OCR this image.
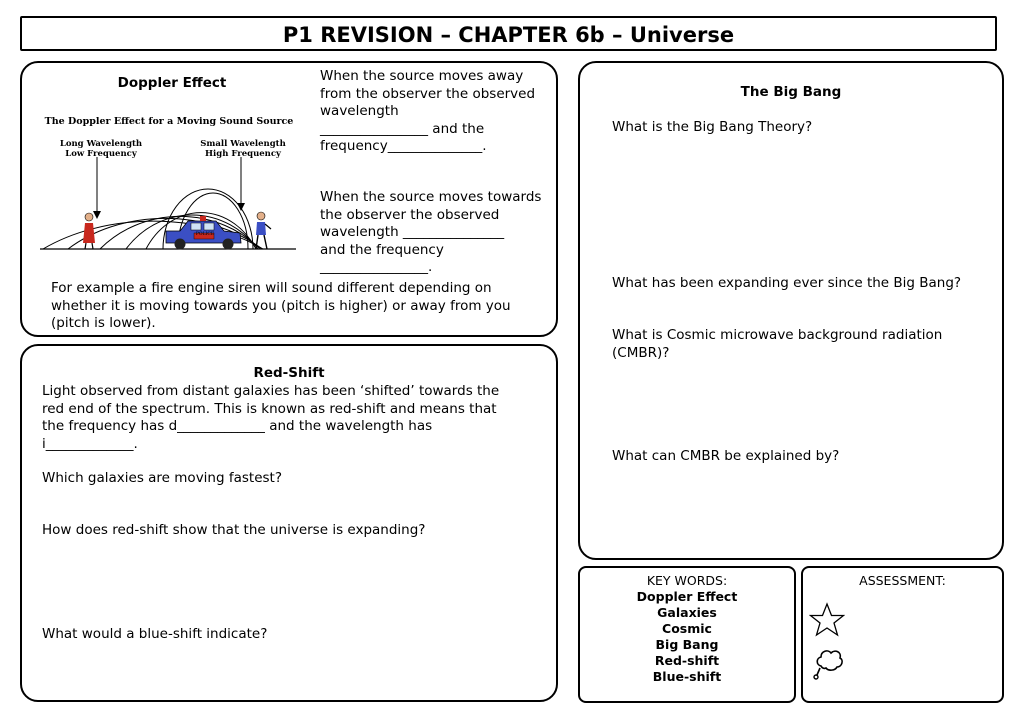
P1 REVISION – CHAPTER 6b – Universe
Doppler Effect
The Doppler Effect for a Moving Sound Source
Long Wavelength
Low Frequency
Small Wavelength
High Frequency
POLICE
When the source moves away
from the observer the observed
wavelength
________________ and the
frequency______________.
When the source moves towards
the observer the observed
wavelength _______________
and the frequency
________________.
For example a fire engine siren will sound different depending on
whether it is moving towards you (pitch is higher) or away from you
(pitch is lower).
Red-Shift
Light observed from distant galaxies has been ‘shifted’ towards the
red end of the spectrum. This is known as red-shift and means that
the frequency has d_____________ and the wavelength has
i_____________.
Which galaxies are moving fastest?
How does red-shift show that the universe is expanding?
What would a blue-shift indicate?
The Big Bang
What is the Big Bang Theory?
What has been expanding ever since the Big Bang?
What is Cosmic microwave background radiation
(CMBR)?
What can CMBR be explained by?
KEY WORDS:
Doppler Effect
Galaxies
Cosmic
Big Bang
Red-shift
Blue-shift
ASSESSMENT:
